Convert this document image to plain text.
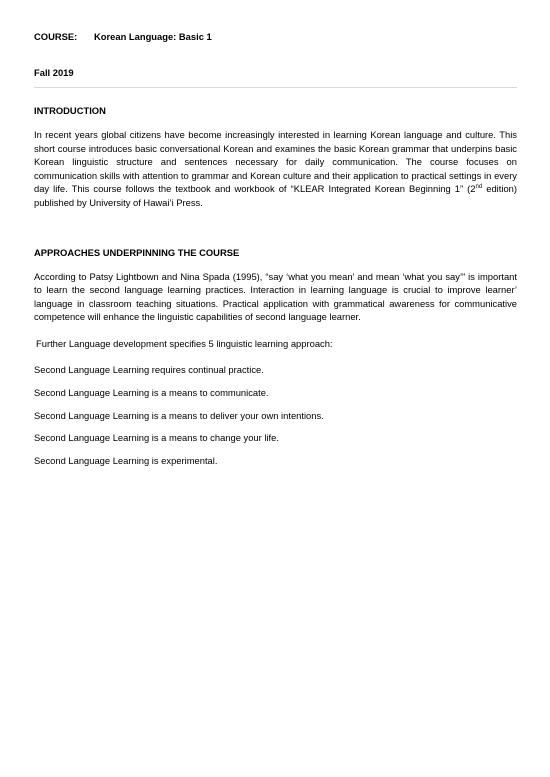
COURSE: Korean Language: Basic 1
Fall 2019
INTRODUCTION

In recent years global citizens have become increasingly interested in learning Korean language and culture. This short course introduces basic conversational Korean and examines the basic Korean grammar that underpins basic Korean linguistic structure and sentences necessary for daily communication. The course focuses on communication skills with attention to grammar and Korean culture and their application to practical settings in every day life. This course follows the textbook and workbook of “KLEAR Integrated Korean Beginning 1” (2nd edition) published by University of Hawai’i Press.

APPROACHES UNDERPINNING THE COURSE

According to Patsy Lightbown and Nina Spada (1995), “say ‘what you mean’ and mean ‘what you say’” is important to learn the second language learning practices. Interaction in learning language is crucial to improve learner’ language in classroom teaching situations. Practical application with grammatical awareness for communicative competence will enhance the linguistic capabilities of second language learner.

Further Language development specifies 5 linguistic learning approach:
Second Language Learning requires continual practice.
Second Language Learning is a means to communicate.
Second Language Learning is a means to deliver your own intentions.
Second Language Learning is a means to change your life.
Second Language Learning is experimental.
